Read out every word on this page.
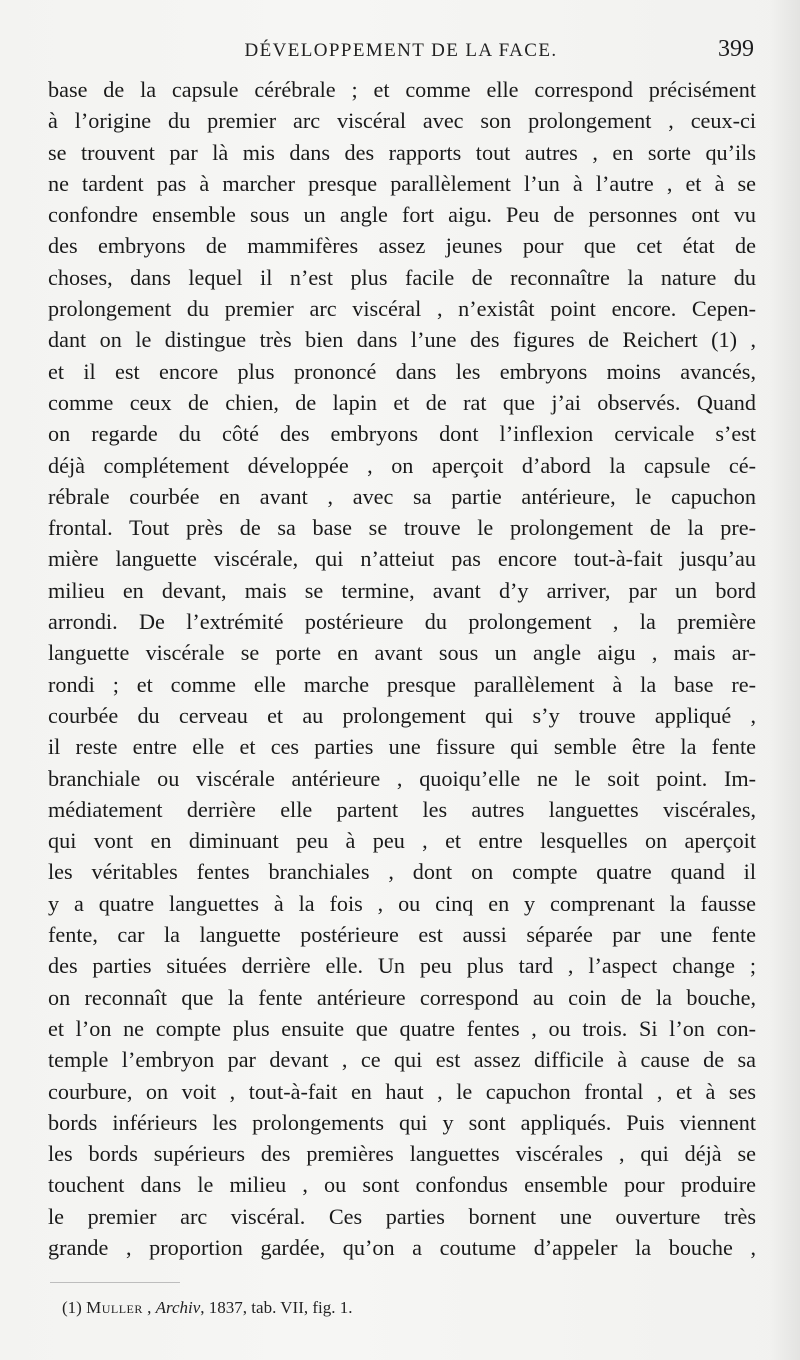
DÉVELOPPEMENT DE LA FACE.	399
base de la capsule cérébrale ; et comme elle correspond précisément
à l’origine du premier arc viscéral avec son prolongement , ceux-ci
se trouvent par là mis dans des rapports tout autres , en sorte qu’ils
ne tardent pas à marcher presque parallèlement l’un à l’autre , et à se
confondre ensemble sous un angle fort aigu. Peu de personnes ont vu
des embryons de mammifères assez jeunes pour que cet état de
choses, dans lequel il n’est plus facile de reconnaître la nature du
prolongement du premier arc viscéral , n’existât point encore. Cepen-
dant on le distingue très bien dans l’une des figures de Reichert (1) ,
et il est encore plus prononcé dans les embryons moins avancés,
comme ceux de chien, de lapin et de rat que j’ai observés. Quand
on regarde du côté des embryons dont l’inflexion cervicale s’est
déjà complétement développée , on aperçoit d’abord la capsule cé-
rébrale courbée en avant , avec sa partie antérieure, le capuchon
frontal. Tout près de sa base se trouve le prolongement de la pre-
mière languette viscérale, qui n’atteiut pas encore tout-à-fait jusqu’au
milieu en devant, mais se termine, avant d’y arriver, par un bord
arrondi. De l’extrémité postérieure du prolongement , la première
languette viscérale se porte en avant sous un angle aigu , mais ar-
rondi ; et comme elle marche presque parallèlement à la base re-
courbée du cerveau et au prolongement qui s’y trouve appliqué ,
il reste entre elle et ces parties une fissure qui semble être la fente
branchiale ou viscérale antérieure , quoiqu’elle ne le soit point. Im-
médiatement derrière elle partent les autres languettes viscérales,
qui vont en diminuant peu à peu , et entre lesquelles on aperçoit
les véritables fentes branchiales , dont on compte quatre quand il
y a quatre languettes à la fois , ou cinq en y comprenant la fausse
fente, car la languette postérieure est aussi séparée par une fente
des parties situées derrière elle. Un peu plus tard , l’aspect change ;
on reconnaît que la fente antérieure correspond au coin de la bouche,
et l’on ne compte plus ensuite que quatre fentes , ou trois. Si l’on con-
temple l’embryon par devant , ce qui est assez difficile à cause de sa
courbure, on voit , tout-à-fait en haut , le capuchon frontal , et à ses
bords inférieurs les prolongements qui y sont appliqués. Puis viennent
les bords supérieurs des premières languettes viscérales , qui déjà se
touchent dans le milieu , ou sont confondus ensemble pour produire
le premier arc viscéral. Ces parties bornent une ouverture très
grande , proportion gardée, qu’on a coutume d’appeler la bouche ,
(1) Muller , Archiv, 1837, tab. VII, fig. 1.
